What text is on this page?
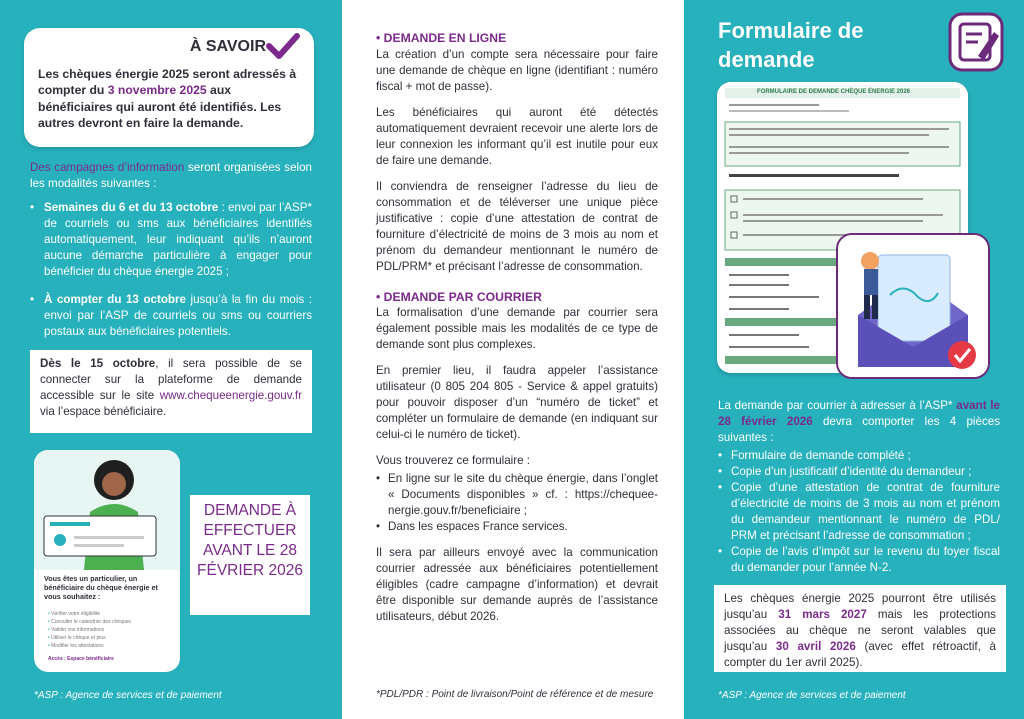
À SAVOIR
Les chèques énergie 2025 seront adressés à compter du 3 novembre 2025 aux bénéficiaires qui auront été identifiés. Les autres devront en faire la demande.
Des campagnes d’information seront organisées selon les modalités suivantes :
• Semaines du 6 et du 13 octobre : envoi par l’ASP* de courriels ou sms aux bénéficiaires identifiés automatiquement, leur indiquant qu’ils n’auront aucune démarche particulière à engager pour bénéficier du chèque énergie 2025 ;
• À compter du 13 octobre jusqu’à la fin du mois : envoi par l’ASP de courriels ou sms ou courriers postaux aux bénéficiaires potentiels.
Dès le 15 octobre, il sera possible de se connecter sur la plateforme de demande accessible sur le site www.chequeenergie.gouv.fr via l’espace bénéficiaire.
Vous êtes un particulier, un bénéficiaire du chèque énergie et vous souhaitez :
• Vérifier votre éligibilité
• Consulter le calendrier des chèques
• Valider vos informations
• Utiliser le chèque et plus
• Modifier les attestations
Accès : Espace bénéficiaire
DEMANDE À EFFECTUER AVANT LE 28 FÉVRIER 2026
*ASP : Agence de services et de paiement
• DEMANDE EN LIGNE

La création d’un compte sera nécessaire pour faire une demande de chèque en ligne (identifiant : numéro fiscal + mot de passe).

Les bénéficiaires qui auront été détectés automatiquement devraient recevoir une alerte lors de leur connexion les informant qu’il est inutile pour eux de faire une demande.

Il conviendra de renseigner l’adresse du lieu de consommation et de téléverser une unique pièce justificative : copie d’une attestation de contrat de fourniture d’électricité de moins de 3 mois au nom et prénom du demandeur mentionnant le numéro de PDL/PRM* et précisant l’adresse de consommation.

• DEMANDE PAR COURRIER

La formalisation d’une demande par courrier sera également possible mais les modalités de ce type de demande sont plus complexes.

En premier lieu, il faudra appeler l’assistance utilisateur (0 805 204 805 - Service & appel gratuits) pour pouvoir disposer d’un “numéro de ticket” et compléter un formulaire de demande (en indiquant sur celui-ci le numéro de ticket).

Vous trouverez ce formulaire :

• En ligne sur le site du chèque énergie, dans l’onglet « Documents disponibles » cf. : https://chequee-nergie.gouv.fr/beneficiaire ;
• Dans les espaces France services.

Il sera par ailleurs envoyé avec la communication courrier adressée aux bénéficiaires potentiellement éligibles (cadre campagne d’information) et devrait être disponible sur demande auprès de l’assistance utilisateurs, début 2026.

*PDL/PDR : Point de livraison/Point de référence et de mesure
Formulaire de
demande
FORMULAIRE DE DEMANDE CHÈQUE ÉNERGIE 2026
La demande par courrier à adresser à l’ASP* avant le 28 février 2026 devra comporter les 4 pièces suivantes :
• Formulaire de demande complété ;
• Copie d’un justificatif d’identité du demandeur ;
• Copie d’une attestation de contrat de fourniture d’électricité de moins de 3 mois au nom et prénom du demandeur mentionnant le numéro de PDL/ PRM et précisant l’adresse de consommation ;
• Copie de l’avis d’impôt sur le revenu du foyer fiscal du demander pour l’année N-2.
Les chèques énergie 2025 pourront être utilisés jusqu’au 31 mars 2027 mais les protections associées au chèque ne seront valables que jusqu’au 30 avril 2026 (avec effet rétroactif, à compter du 1er avril 2025).
*ASP : Agence de services et de paiement
